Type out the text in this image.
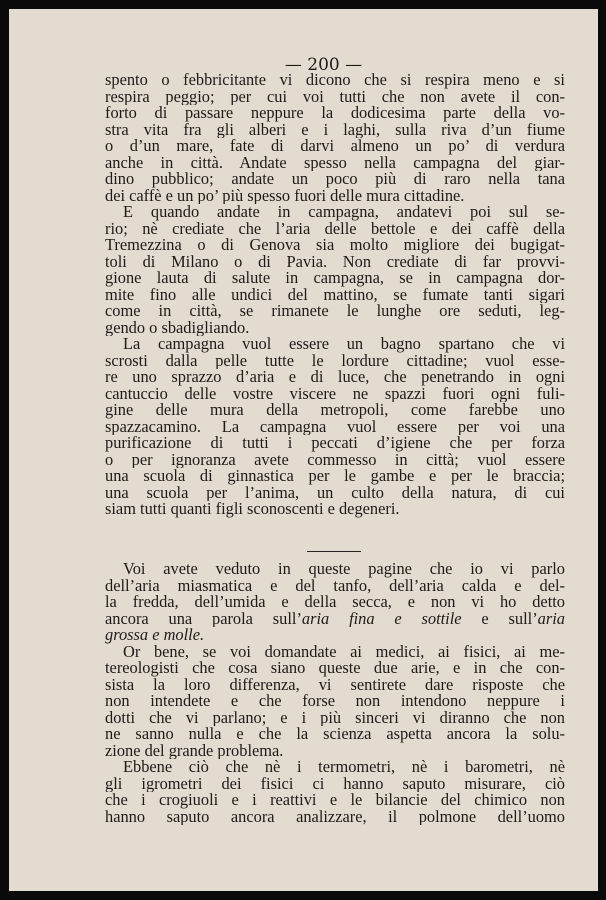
— 200 —
spento o febbricitante vi dicono che si respira meno e si
respira peggio; per cui voi tutti che non avete il con-
forto di passare neppure la dodicesima parte della vo-
stra vita fra gli alberi e i laghi, sulla riva d’un fiume
o d’un mare, fate di darvi almeno un po’ di verdura
anche in città. Andate spesso nella campagna del giar-
dino pubblico; andate un poco più di raro nella tana
dei caffè e un po’ più spesso fuori delle mura cittadine.
E quando andate in campagna, andatevi poi sul se-
rio; nè crediate che l’aria delle bettole e dei caffè della
Tremezzina o di Genova sia molto migliore dei bugigat-
toli di Milano o di Pavia. Non crediate di far provvi-
gione lauta di salute in campagna, se in campagna dor-
mite fino alle undici del mattino, se fumate tanti sigari
come in città, se rimanete le lunghe ore seduti, leg-
gendo o sbadigliando.
La campagna vuol essere un bagno spartano che vi
scrosti dalla pelle tutte le lordure cittadine; vuol esse-
re uno sprazzo d’aria e di luce, che penetrando in ogni
cantuccio delle vostre viscere ne spazzi fuori ogni fuli-
gine delle mura della metropoli, come farebbe uno
spazzacamino. La campagna vuol essere per voi una
purificazione di tutti i peccati d’igiene che per forza
o per ignoranza avete commesso in città; vuol essere
una scuola di ginnastica per le gambe e per le braccia;
una scuola per l’anima, un culto della natura, di cui
siam tutti quanti figli sconoscenti e degeneri.
Voi avete veduto in queste pagine che io vi parlo
dell’aria miasmatica e del tanfo, dell’aria calda e del-
la fredda, dell’umida e della secca, e non vi ho detto
ancora una parola sull’aria fina e sottile e sull’aria
grossa e molle.
Or bene, se voi domandate ai medici, ai fisici, ai me-
tereologisti che cosa siano queste due arie, e in che con-
sista la loro differenza, vi sentirete dare risposte che
non intendete e che forse non intendono neppure i
dotti che vi parlano; e i più sinceri vi diranno che non
ne sanno nulla e che la scienza aspetta ancora la solu-
zione del grande problema.
Ebbene ciò che nè i termometri, nè i barometri, nè
gli igrometri dei fisici ci hanno saputo misurare, ciò
che i crogiuoli e i reattivi e le bilancie del chimico non
hanno saputo ancora analizzare, il polmone dell’uomo
